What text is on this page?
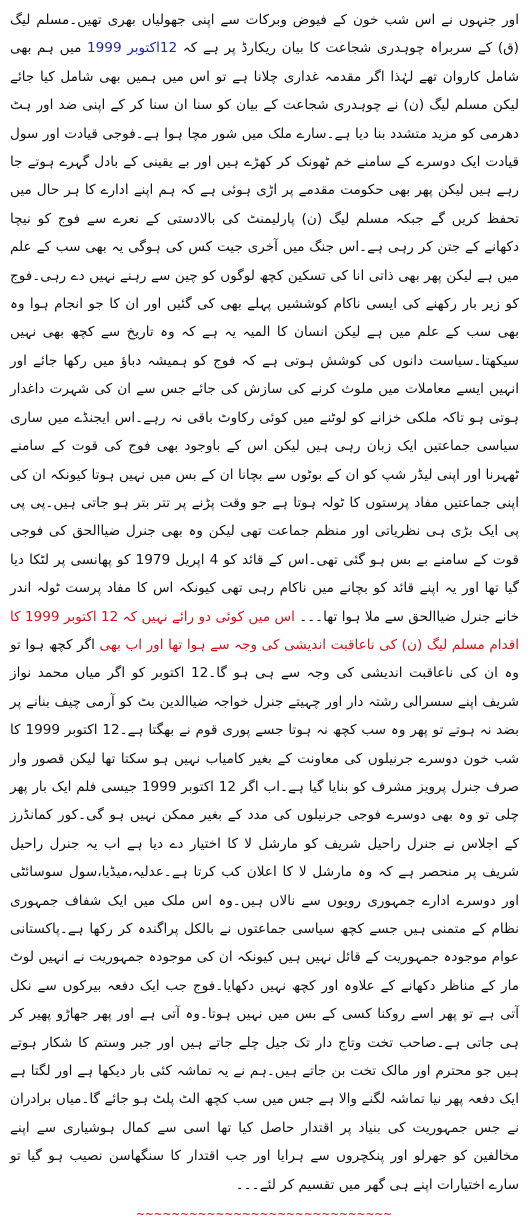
اور جنہوں نے اس شب خون کے فیوض وبرکات سے اپنی جھولیاں بھری تھیں۔مسلم لیگ (ق) کے سربراہ چوہدری شجاعت کا بیان ریکارڈ پر ہے کہ 12اکتوبر 1999 میں ہم بھی شامل کاروان تھے لہٰذا اگر مقدمہ غداری چلانا ہے تو اس میں ہمیں بھی شامل کیا جائے لیکن مسلم لیگ (ن) نے چوہدری شجاعت کے بیان کو سنا ان سنا کر کے اپنی ضد اور ہٹ دھرمی کو مزید متشدد بنا دیا ہے۔سارے ملک میں شور مچا ہوا ہے۔فوجی قیادت اور سول قیادت ایک دوسرے کے سامنے خم ٹھونک کر کھڑے ہیں اور بے یقینی کے بادل گہرے ہوتے جا رہے ہیں لیکن پھر بھی حکومت مقدمے پر اڑی ہوئی ہے کہ ہم اپنے ادارے کا ہر حال میں تحفظ کریں گے جبکہ مسلم لیگ (ن) پارلیمنٹ کی بالادستی کے نعرے سے فوج کو نیچا دکھانے کے جتن کر رہی ہے۔اس جنگ میں آخری جیت کس کی ہوگی یہ بھی سب کے علم میں ہے لیکن پھر بھی ذاتی انا کی تسکین کچھ لوگوں کو چین سے رہنے نہیں دے رہی۔فوج کو زیر بار رکھنے کی ایسی ناکام کوششیں پہلے بھی کی گئیں اور ان کا جو انجام ہوا وہ بھی سب کے علم میں ہے لیکن انسان کا المیہ یہ ہے کہ وہ تاریخ سے کچھ بھی نہیں سیکھتا۔سیاست دانوں کی کوشش ہوتی ہے کہ فوج کو ہمیشہ دباؤ میں رکھا جائے اور انہیں ایسے معاملات میں ملوث کرنے کی سازش کی جائے جس سے ان کی شہرت داغدار ہوتی ہو تاکہ ملکی خزانے کو لوٹنے میں کوئی رکاوٹ باقی نہ رہے۔اس ایجنڈے میں ساری سیاسی جماعتیں ایک زبان رہی ہیں لیکن اس کے باوجود بھی فوج کی قوت کے سامنے ٹھہرنا اور اپنی لیڈر شپ کو ان کے بوٹوں سے بچانا ان کے بس میں نہیں ہوتا کیونکہ ان کی اپنی جماعتیں مفاد پرستوں کا ٹولہ ہوتا ہے جو وقت پڑنے پر تتر بتر ہو جاتی ہیں۔پی پی پی ایک بڑی ہی نظریاتی اور منظم جماعت تھی لیکن وہ بھی جنرل ضیاالحق کی فوجی قوت کے سامنے بے بس ہو گئی تھی۔اس کے قائد کو 4 اپریل 1979 کو پھانسی پر لٹکا دیا گیا تھا اور یہ اپنے قائد کو بچانے میں ناکام رہی تھی کیونکہ اس کا مفاد پرست ٹولہ اندر خانے جنرل ضیاالحق سے ملا ہوا تھا۔۔۔ اس میں کوئی دو رائے نہیں کہ 12 اکتوبر 1999 کا اقدام مسلم لیگ (ن) کی ناعاقبت اندیشی کی وجہ سے ہوا تھا اور اب بھی اگر کچھ ہوا تو وہ ان کی ناعاقبت اندیشی کی وجہ سے ہی ہو گا۔12 اکتوبر کو اگر میاں محمد نواز شریف اپنے سسرالی رشتہ دار اور چہیتے جنرل خواجہ ضیاالدین بٹ کو آرمی چیف بنانے پر بضد نہ ہوتے تو پھر وہ سب کچھ نہ ہوتا جسے پوری قوم نے بھگتا ہے۔12 اکتوبر 1999 کا شب خون دوسرے جرنیلوں کی معاونت کے بغیر کامیاب نہیں ہو سکتا تھا لیکن قصور وار صرف جنرل پرویز مشرف کو بنایا گیا ہے۔اب اگر 12 اکتوبر 1999 جیسی فلم ایک بار پھر چلی تو وہ بھی دوسرے فوجی جرنیلوں کی مدد کے بغیر ممکن نہیں ہو گی۔کور کمانڈرز کے اجلاس نے جنرل راحیل شریف کو مارشل لا کا اختیار دے دیا ہے اب یہ جنرل راحیل شریف پر منحصر ہے کہ وہ مارشل لا کا اعلان کب کرتا ہے۔عدلیہ،میڈیا،سول سوسائٹی اور دوسرے ادارے جمہوری رویوں سے نالاں ہیں۔وہ اس ملک میں ایک شفاف جمہوری نظام کے متمنی ہیں جسے کچھ سیاسی جماعتوں نے بالکل پراگندہ کر رکھا ہے۔پاکستانی عوام موجودہ جمہوریت کے قائل نہیں ہیں کیونکہ ان کی موجودہ جمہوریت نے انہیں لوٹ مار کے مناظر دکھانے کے علاوہ اور کچھ نہیں دکھایا۔فوج جب ایک دفعہ بیرکوں سے نکل آتی ہے تو پھر اسے روکنا کسی کے بس میں نہیں ہوتا۔وہ آتی ہے اور پھر جھاڑو پھیر کر ہی جاتی ہے۔صاحب تخت وتاج دار تک جیل چلے جاتے ہیں اور جبر وستم کا شکار ہوتے ہیں جو محترم اور مالک تخت بن جاتے ہیں۔ہم نے یہ تماشہ کئی بار دیکھا ہے اور لگتا ہے ایک دفعہ پھر نیا تماشہ لگنے والا ہے جس میں سب کچھ الٹ پلٹ ہو جائے گا۔میاں برادران نے جس جمہوریت کی بنیاد پر اقتدار حاصل کیا تھا اسی سے کمال ہوشیاری سے اپنے مخالفین کو جھرلو اور پنکچروں سے ہرایا اور جب اقتدار کا سنگھاسن نصیب ہو گیا تو سارے اختیارات اپنے ہی گھر میں تقسیم کر لئے۔۔۔

~~~~~~~~~~~~~~~~~~~~~~~~~~~~~
